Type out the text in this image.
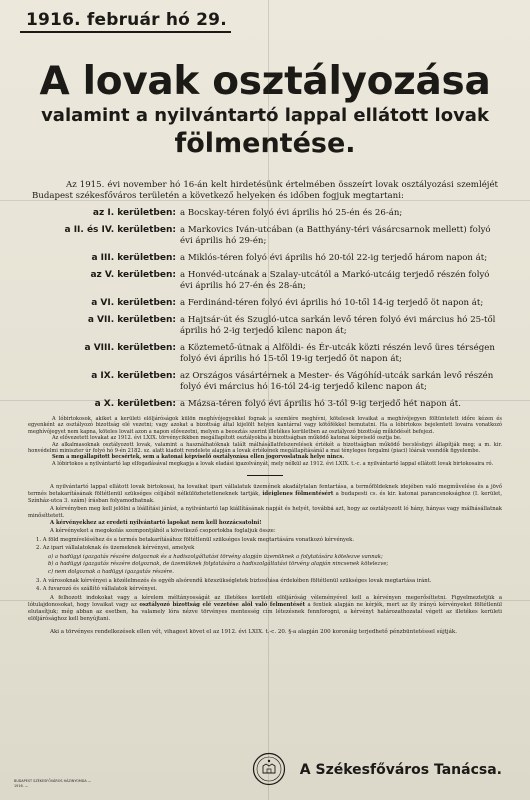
1916. február hó 29.
A lovak osztályozása
valamint a nyilvántartó lappal ellátott lovak
fölmentése.
Az 1915. évi november hó 16-án kelt hirdetésünk értelmében összeírt lovak osztályozási szemléjét Budapest székesfőváros területén a következő helyeken és időben fogjuk megtartani:
az I. kerületben: a Bocskay-téren folyó évi április hó 25-én és 26-án;
a II. és IV. kerületben: a Markovics Iván-utcában (a Batthyány-téri vásárcsarnok mellett) folyó évi április hó 29-én;
a III. kerületben: a Miklós-téren folyó évi április hó 20-tól 22-ig terjedő három napon át;
az V. kerületben: a Honvéd-utcának a Szalay-utcától a Markó-utcáig terjedő részén folyó évi április hó 27-én és 28-án;
a VI. kerületben: a Ferdinánd-téren folyó évi április hó 10-től 14-ig terjedő öt napon át;
a VII. kerületben: a Hajtsár-út és Szugló-utca sarkán levő téren folyó évi március hó 25-től április hó 2-ig terjedő kilenc napon át;
a VIII. kerületben: a Köztemető-útnak a Alföldi- és Ér-utcák közti részén levő üres térségen folyó évi április hó 15-től 19-ig terjedő öt napon át;
a IX. kerületben: az Országos vásártérnek a Mester- és Vágóhíd-utcák sarkán levő részén folyó évi március hó 16-tól 24-ig terjedő kilenc napon át;
a X. kerületben: a Mázsa-téren folyó évi április hó 3-tól 9-ig terjedő hét napon át.

A lóbirtokosok, akiket a kerületi elöljáróságok külön meghívójegyekkel fognak a szemlére meghívni, kötelesek lovaikat a meghívójegyen föltüntetett időre kézen és egyenként az osztályozó bizottság elé vezetni; vagy azokat a bizottság által kijelölt helyen kantárral vagy kötőfékkel bemutatni. Ha a lóbirtokos bejelentett lovaira vonatkozó meghívójegyet nem kapna, köteles lovait azon a napon elővezetni, melyen a beosztás szerint illetékes kerületben az osztályozó bizottság működését befejezi.

Az elővezetett lovakat az 1912. évi LXIX. törvénycikkben megállapított osztályokba a bizottságban működő katonai képviselő osztja be.

Az alkalmasoknak osztályozott lovak, valamint a használhatóknak talált málhásállatfelszerelések értékét a bizottságban működő becslésügyi állapítják meg; a m. kir. honvédelmi miniszter úr folyó hó 9-én 2182. sz. alatt kiadott rendelete alapján a lovak értékének megállapításánál a mai tényleges forgalmi (piaci) lóárak veendők figyelembe.

Sem a megállapított becsértek, sem a katonai képviselő osztályozása ellen jogorvoslatnak helye nincs.

A lóbirtokos a nyilvántartó lap elfogadásával megkapja a lovak eladási igazolványát, mely nélkül az 1912. évi LXIX. t.-c. a nyilvántartó lappal ellátott lovak birtokosaira ró.

A nyilvántartó lappal ellátott lovak birtokosai, ha lovaikat ipari vállalatuk üzemének akadálytalan fentartása, a termőföldeknek idejében való megművelése és a jövő termés betakarításának föltétlenül szükséges céljából nélkülözhetetleneknek tartják, ideiglenes fölmentésért a budapesti cs. és kir. katonai parancsnoksághoz (I. kerület, Színház-utca 3. szám) írásban folyamodhatnak.

A kérvényben meg kell jelölni a lóállítási járást, a nyilvántartó lap kiállításának napját és helyét, továbbá azt, hogy az osztályozott ló hány, hányas vagy málhásállatnak minősíttetett.

A kérvényekhez az eredeti nyilvántartó lapokat nem kell hozzácsatolni!

A kérvényeket a megokolás szempontjából a következő csoportokba foglaljuk össze:

1. A föld megmíveléséhez és a termés betakarításához föltétlenül szükséges lovak megtartására vonatkozó kérvények.

2. Az ipari vállalatoknak és üzemeknek kérvényei, amelyek

a) a hadügyi igazgatás részére dolgoznak és a hadiszolgáltatási törvény alapján üzemüknek a folytatására kötelezve vannak;

b) a hadügyi igazgatás részére dolgoznak, de üzemüknek folytatására a hadiszolgáltatási törvény alapján nincsenek kötelezve;

c) nem dolgoznak a hadügyi igazgatás részére.

3. A városoknak kérvényei a közélelmezés és egyéb alsórendű közszükségletek biztosítása érdekében föltétlenül szükséges lovak megtartása iránt.

4. A fuvarozó és szállító vállalatok kérvényei.

A felhozott indokokat vagy a kérelem méltányosságát az illetékes kerületi elöljáróság véleményével kell a kérvényen megerősíttetni. Figyelmeztetjük a lótulajdonosokat, hogy lovaikat vagy az osztályozó bizottság elé vezetése alól való felmentését a fentiek alapján ne kérjék, mert az ily irányú kérvényeket föltétlenül elutasítjuk; még abban az esetben, ha valamely lóra nézve törvényes mentesség cím létezésnek fennforogni, a kérvényt határozathozatal végett az illetékes kerületi elöljárósághoz kell benyújtani.

Aki a törvényes rendelkezések ellen vét, vihagest követ el az 1912. évi LXIX. t.-c. 20. §-a alapján 200 koronáig terjedhető pénzbüntetéssel sújtják.
BUDAPEST SZÉKESFŐVÁROS HÁZINYOMDA — 1916. —
A Székesfőváros Tanácsa.
